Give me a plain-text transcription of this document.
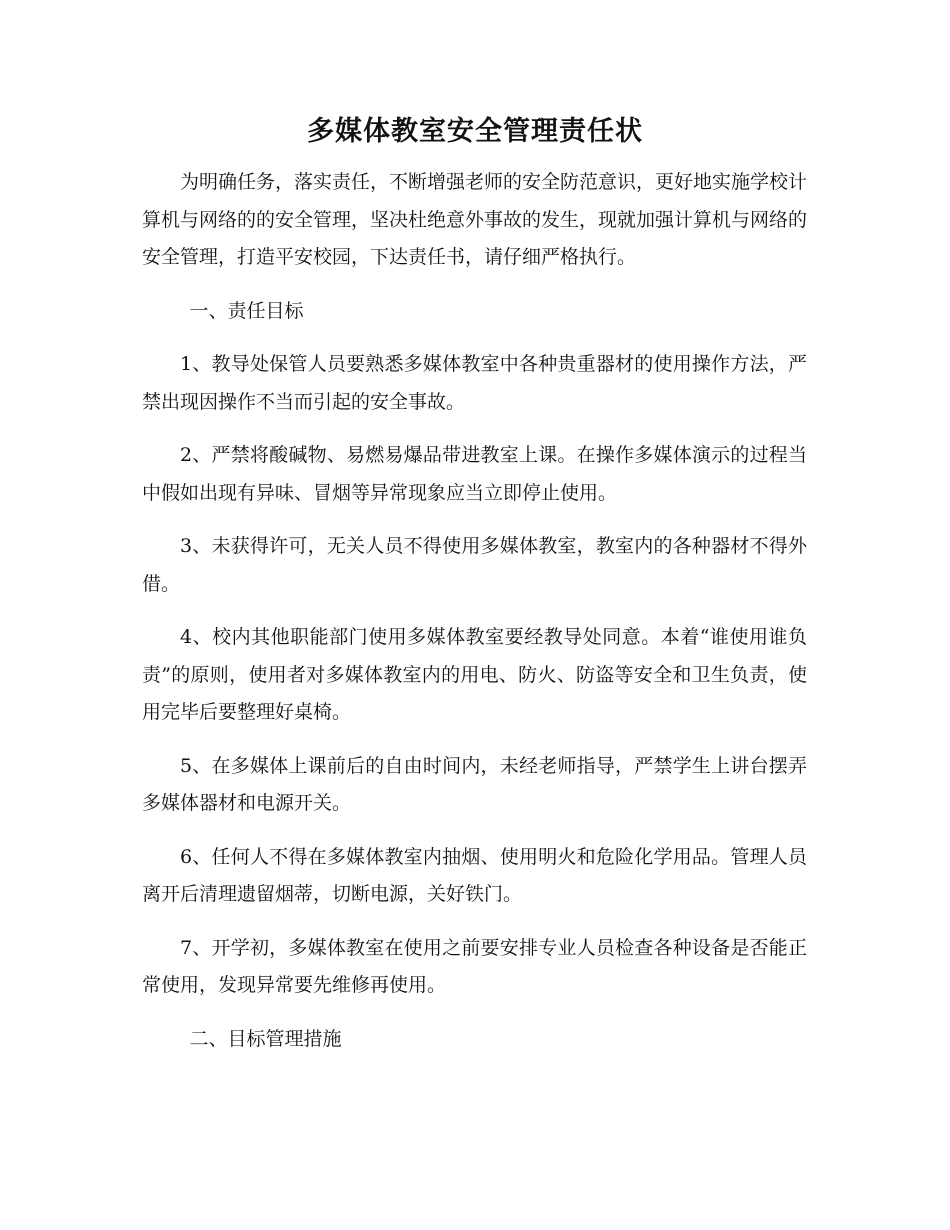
多媒体教室安全管理责任状

为明确任务，落实责任，不断增强老师的安全防范意识，更好地实施学校计算机与网络的的安全管理，坚决杜绝意外事故的发生，现就加强计算机与网络的安全管理，打造平安校园，下达责任书，请仔细严格执行。

一、责任目标

1、教导处保管人员要熟悉多媒体教室中各种贵重器材的使用操作方法，严禁出现因操作不当而引起的安全事故。

2、严禁将酸碱物、易燃易爆品带进教室上课。在操作多媒体演示的过程当中假如出现有异味、冒烟等异常现象应当立即停止使用。

3、未获得许可，无关人员不得使用多媒体教室，教室内的各种器材不得外借。

4、校内其他职能部门使用多媒体教室要经教导处同意。本着“谁使用谁负责”的原则，使用者对多媒体教室内的用电、防火、防盗等安全和卫生负责，使用完毕后要整理好桌椅。

5、在多媒体上课前后的自由时间内，未经老师指导，严禁学生上讲台摆弄多媒体器材和电源开关。

6、任何人不得在多媒体教室内抽烟、使用明火和危险化学用品。管理人员离开后清理遗留烟蒂，切断电源，关好铁门。

7、开学初，多媒体教室在使用之前要安排专业人员检查各种设备是否能正常使用，发现异常要先维修再使用。

二、目标管理措施
